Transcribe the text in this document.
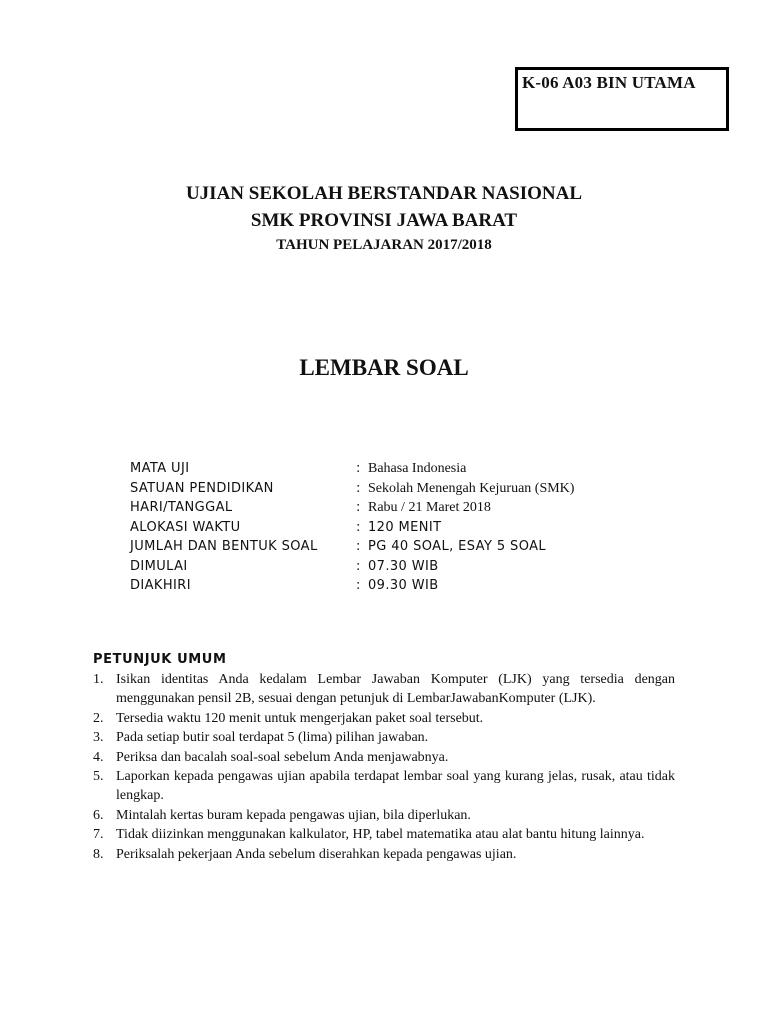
K-06 A03 BIN UTAMA
UJIAN SEKOLAH BERSTANDAR NASIONAL
SMK PROVINSI JAWA BARAT
TAHUN PELAJARAN 2017/2018
LEMBAR SOAL
MATA UJI	: Bahasa Indonesia
SATUAN PENDIDIKAN	: Sekolah Menengah Kejuruan (SMK)
HARI/TANGGAL	: Rabu / 21 Maret 2018
ALOKASI WAKTU	: 120 MENIT
JUMLAH DAN BENTUK SOAL	: PG 40 SOAL, ESAY 5 SOAL
DIMULAI	: 07.30 WIB
DIAKHIRI	: 09.30 WIB
PETUNJUK UMUM
1. Isikan identitas Anda kedalam Lembar Jawaban Komputer (LJK) yang tersedia dengan menggunakan pensil 2B, sesuai dengan petunjuk di LembarJawabanKomputer (LJK).
2. Tersedia waktu 120 menit untuk mengerjakan paket soal tersebut.
3. Pada setiap butir soal terdapat 5 (lima) pilihan jawaban.
4. Periksa dan bacalah soal-soal sebelum Anda menjawabnya.
5. Laporkan kepada pengawas ujian apabila terdapat lembar soal yang kurang jelas, rusak, atau tidak lengkap.
6. Mintalah kertas buram kepada pengawas ujian, bila diperlukan.
7. Tidak diizinkan menggunakan kalkulator, HP, tabel matematika atau alat bantu hitung lainnya.
8. Periksalah pekerjaan Anda sebelum diserahkan kepada pengawas ujian.
